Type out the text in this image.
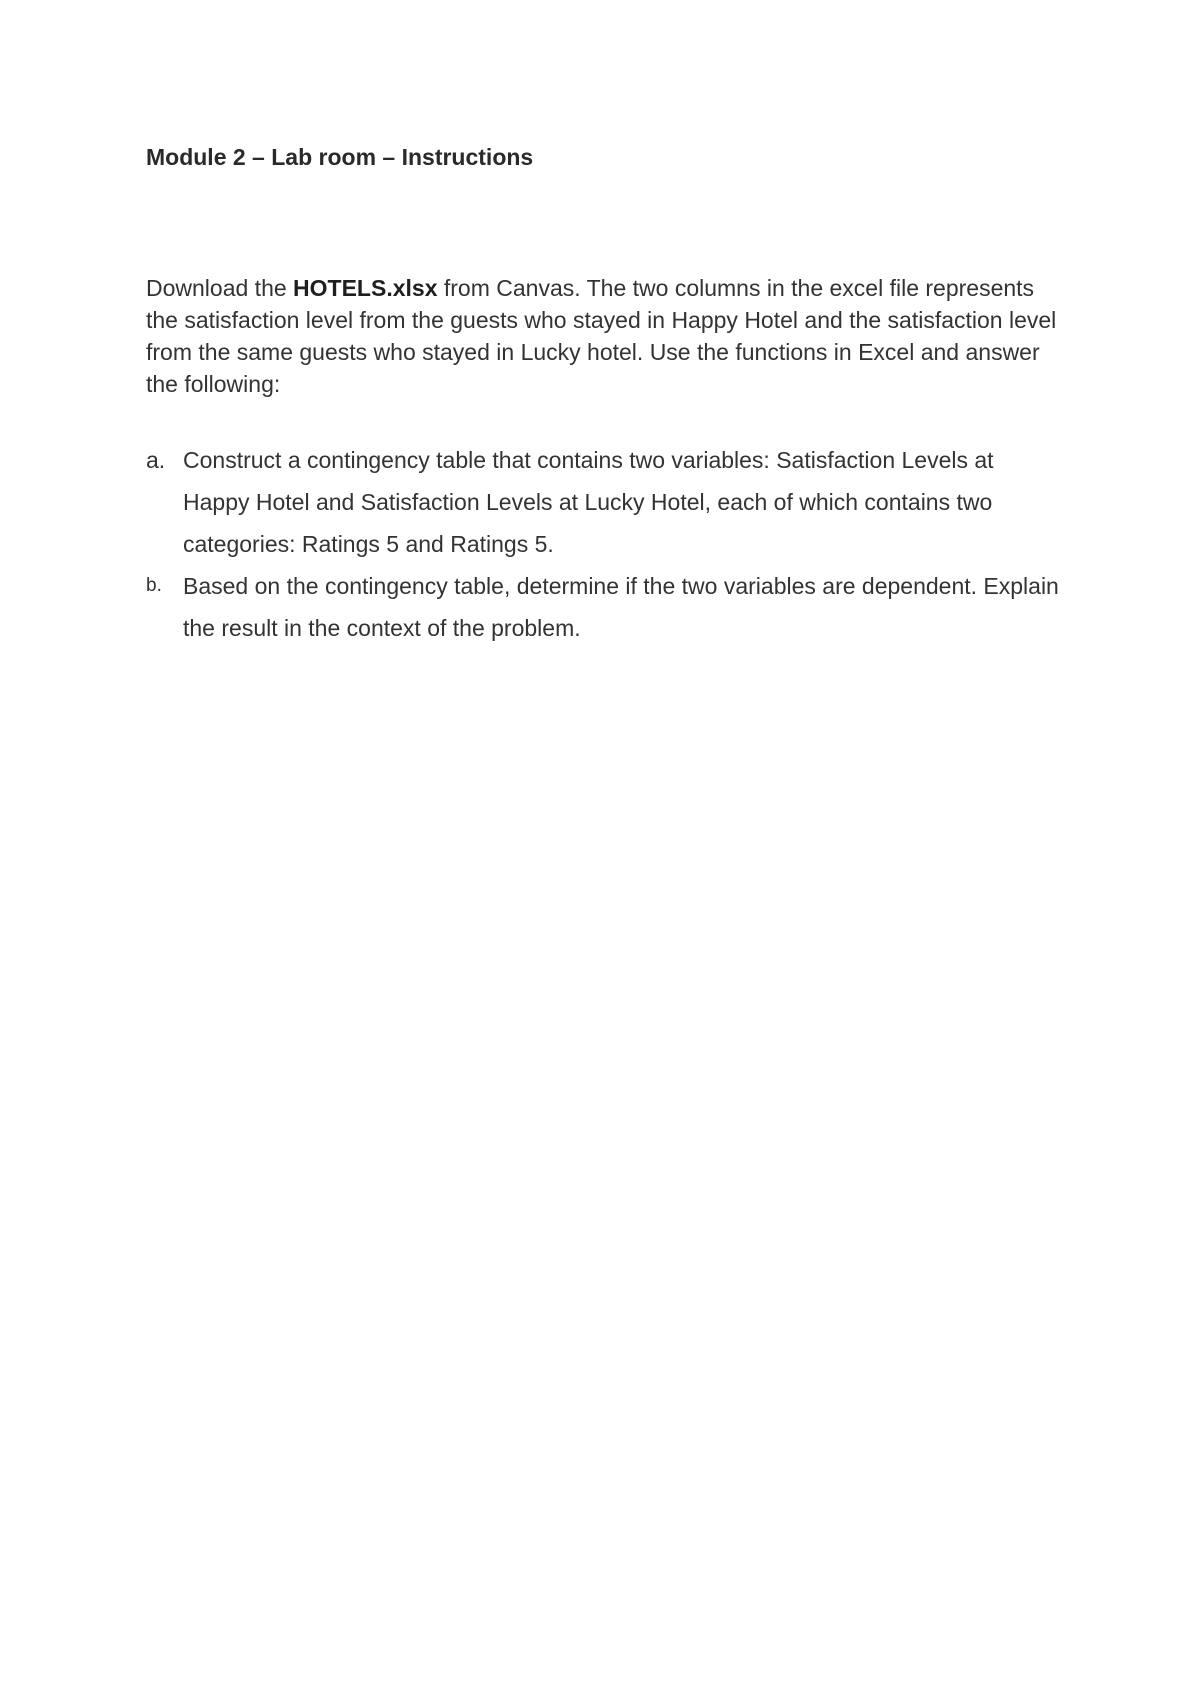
Module 2 – Lab room – Instructions

Download the HOTELS.xlsx from Canvas. The two columns in the excel file represents the satisfaction level from the guests who stayed in Happy Hotel and the satisfaction level from the same guests who stayed in Lucky hotel. Use the functions in Excel and answer the following:

a. Construct a contingency table that contains two variables: Satisfaction Levels at Happy Hotel and Satisfaction Levels at Lucky Hotel, each of which contains two categories: Ratings 5 and Ratings 5.
b. Based on the contingency table, determine if the two variables are dependent. Explain the result in the context of the problem.
